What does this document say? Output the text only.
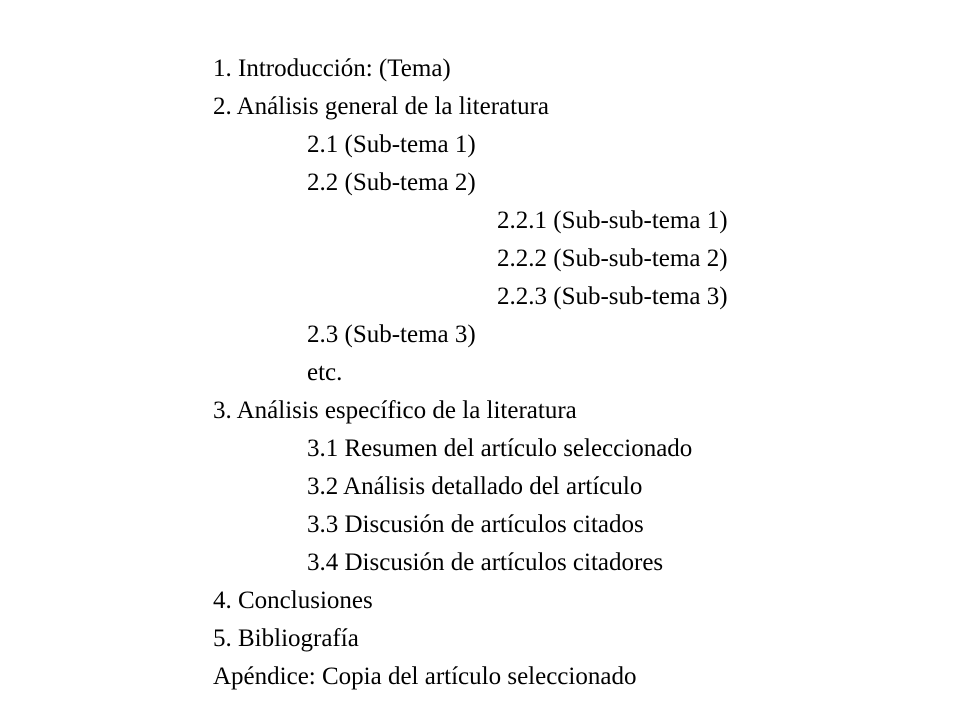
1. Introducción: (Tema)
2. Análisis general de la literatura
2.1 (Sub-tema 1)
2.2 (Sub-tema 2)
2.2.1 (Sub-sub-tema 1)
2.2.2 (Sub-sub-tema 2)
2.2.3 (Sub-sub-tema 3)
2.3 (Sub-tema 3)
etc.
3. Análisis específico de la literatura
3.1 Resumen del artículo seleccionado
3.2 Análisis detallado del artículo
3.3 Discusión de artículos citados
3.4 Discusión de artículos citadores
4. Conclusiones
5. Bibliografía
Apéndice: Copia del artículo seleccionado
